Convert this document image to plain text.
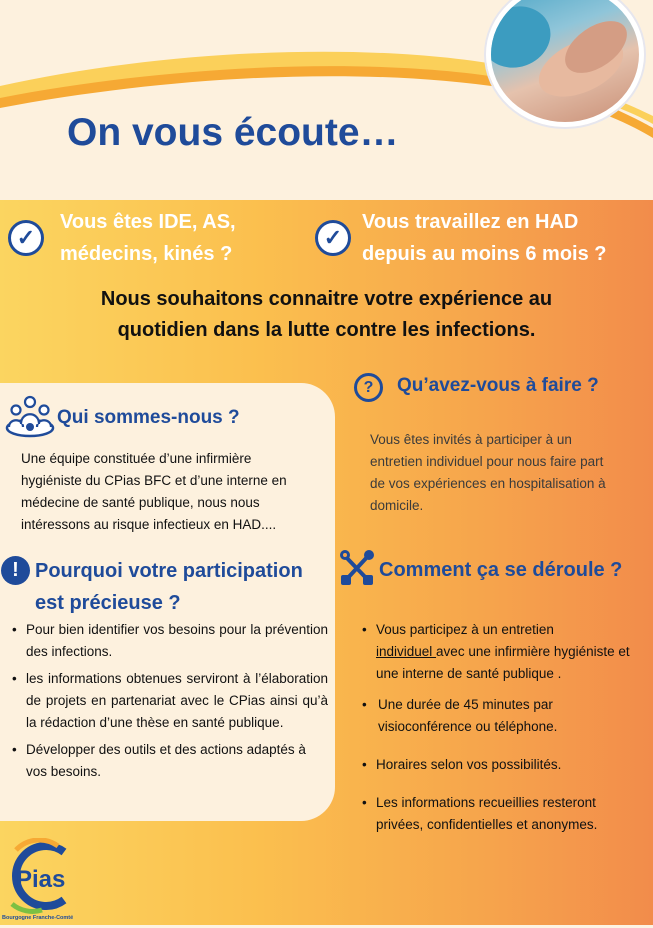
On vous écoute…
✓

Vous êtes IDE, AS,
médecins, kinés ?

✓

Vous travaillez en HAD
depuis au moins 6 mois ?

Nous souhaitons connaitre votre expérience au
quotidien dans la lutte contre les infections.

Qui sommes-nous ?

Une équipe constituée d’une infirmière
hygiéniste du CPias BFC et d’une interne en
médecine de santé publique, nous nous
intéressons au risque infectieux en HAD....

! Pourquoi votre participation
est précieuse ?
• Pour bien identifier vos besoins pour la prévention des infections.
• les informations obtenues serviront à l’élaboration de projets en partenariat avec le CPias ainsi qu’à la rédaction d’une thèse en santé publique.
• Développer des outils et des actions adaptés à vos besoins.
?	Qu’avez-vous à faire ?

Vous êtes invités à participer à un
entretien individuel pour nous faire part
de vos expériences en hospitalisation à
domicile.

Comment ça se déroule ?
• Vous participez à un entretien
individuel avec une infirmière hygiéniste et une interne de santé publique .
• Une durée de 45 minutes par visioconférence ou téléphone.
• Horaires selon vos possibilités.
• Les informations recueillies resteront privées, confidentielles et anonymes.
Pias
Bourgogne Franche-Comté
